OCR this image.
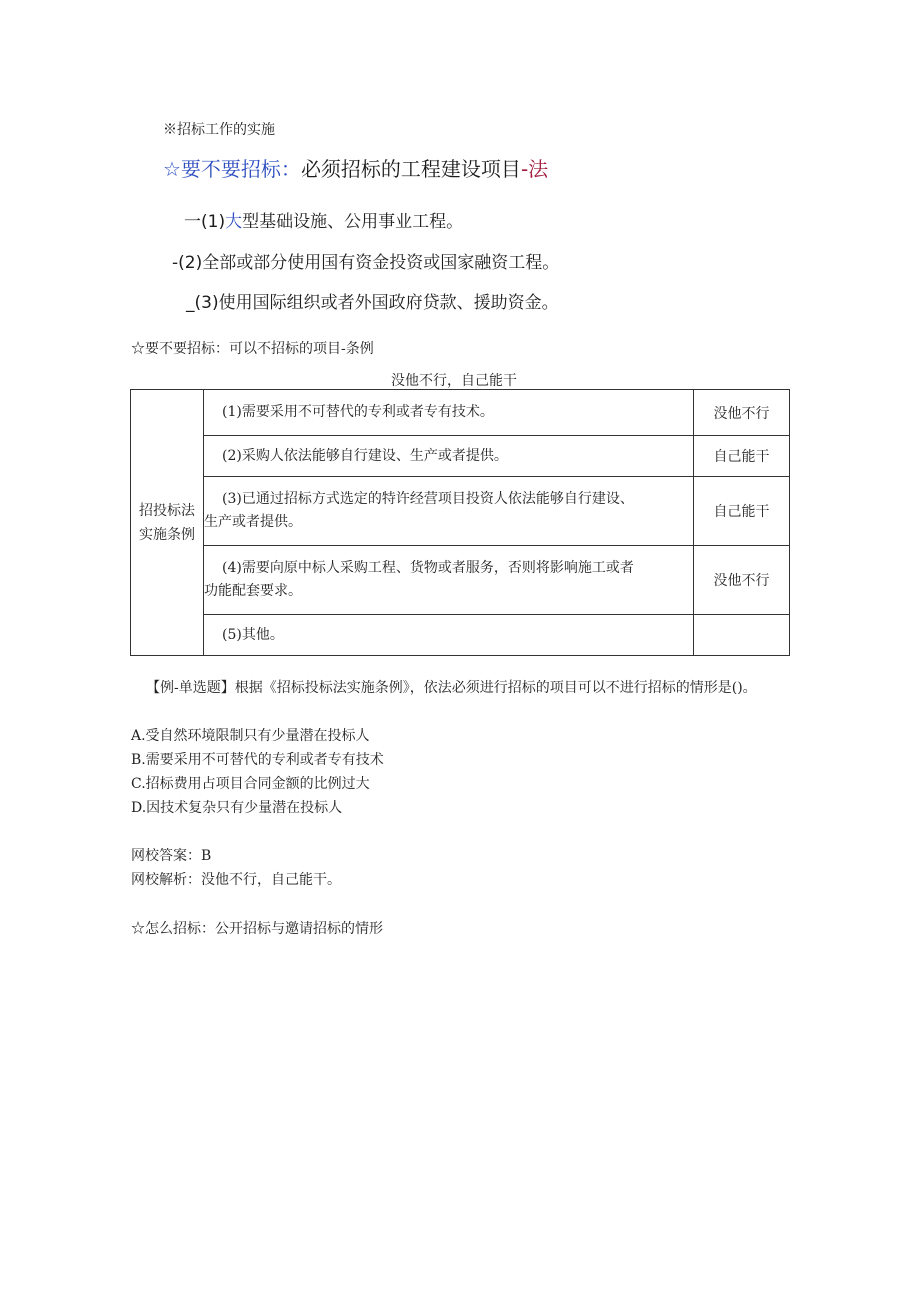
※招标工作的实施
☆要不要招标：必须招标的工程建设项目-法
一(1)大型基础设施、公用事业工程。
-(2)全部或部分使用国有资金投资或国家融资工程。
_(3)使用国际组织或者外国政府贷款、援助资金。
☆要不要招标：可以不招标的项目-条例
没他不行，自己能干
招投标法实施条例	(1)需要采用不可替代的专利或者专有技术。	没他不行

	(2)采购人依法能够自行建设、生产或者提供。	自己能干

	(3)已通过招标方式选定的特许经营项目投资人依法能够自行建设、
生产或者提供。	自己能干

	(4)需要向原中标人采购工程、货物或者服务，否则将影响施工或者
功能配套要求。	没他不行

	(5)其他。	

【例-单选题】根据《招标投标法实施条例》，依法必须进行招标的项目可以不进行招标的情形是()。
A.受自然环境限制只有少量潜在投标人
B.需要采用不可替代的专利或者专有技术
C.招标费用占项目合同金额的比例过大
D.因技术复杂只有少量潜在投标人
网校答案：B
网校解析：没他不行，自己能干。
☆怎么招标：公开招标与邀请招标的情形
